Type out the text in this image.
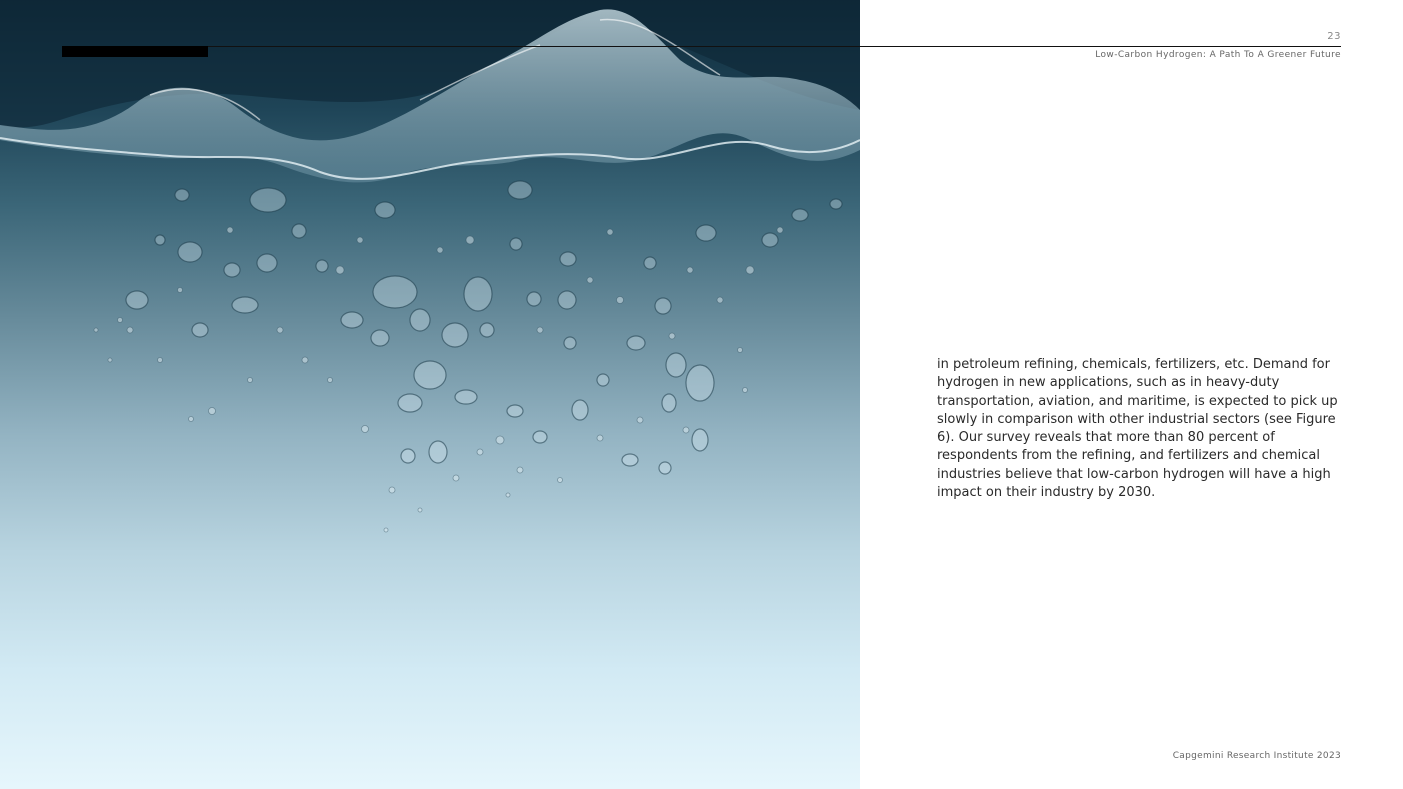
23
Low-Carbon Hydrogen: A Path To A Greener Future

in petroleum refining, chemicals, fertilizers, etc. Demand for hydrogen in new applications, such as in heavy-duty transportation, aviation, and maritime, is expected to pick up slowly in comparison with other industrial sectors (see Figure 6). Our survey reveals that more than 80 percent of respondents from the refining, and fertilizers and chemical industries believe that low-carbon hydrogen will have a high impact on their industry by 2030.

Capgemini Research Institute 2023
